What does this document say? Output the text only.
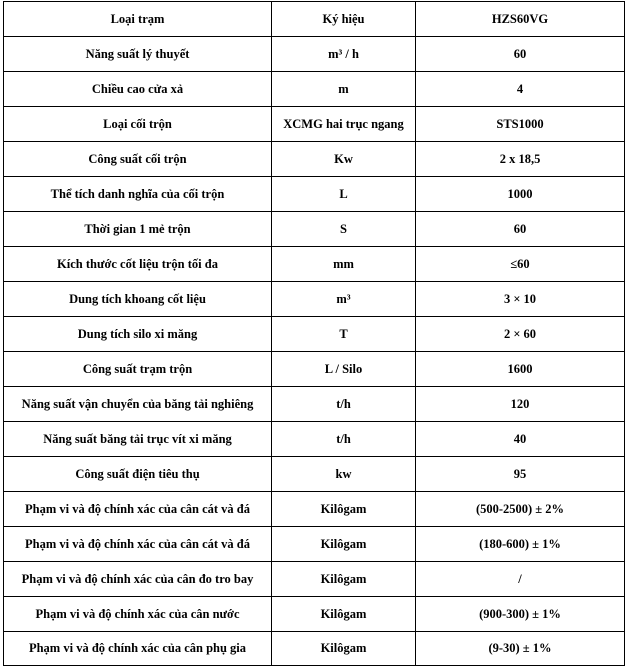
Loại trạm	Ký hiệu	HZS60VG
Năng suất lý thuyết	m³ / h	60
Chiều cao cửa xả	m	4
Loại cối trộn	XCMG hai trục ngang	STS1000
Công suất cối trộn	Kw	2 x 18,5
Thể tích danh nghĩa của cối trộn	L	1000
Thời gian 1 mẻ trộn	S	60
Kích thước cốt liệu trộn tối đa	mm	≤60
Dung tích khoang cốt liệu	m³	3 × 10
Dung tích silo xi măng	T	2 × 60
Công suất trạm trộn	L / Silo	1600
Năng suất vận chuyển của băng tải nghiêng	t/h	120
Năng suất băng tải trục vít xi măng	t/h	40
Công suất điện tiêu thụ	kw	95
Phạm vi và độ chính xác của cân cát và đá	Kilôgam	(500-2500) ± 2%
Phạm vi và độ chính xác của cân cát và đá	Kilôgam	(180-600) ± 1%
Phạm vi và độ chính xác của cân đo tro bay	Kilôgam	/
Phạm vi và độ chính xác của cân nước	Kilôgam	(900-300) ± 1%
Phạm vi và độ chính xác của cân phụ gia	Kilôgam	(9-30) ± 1%
